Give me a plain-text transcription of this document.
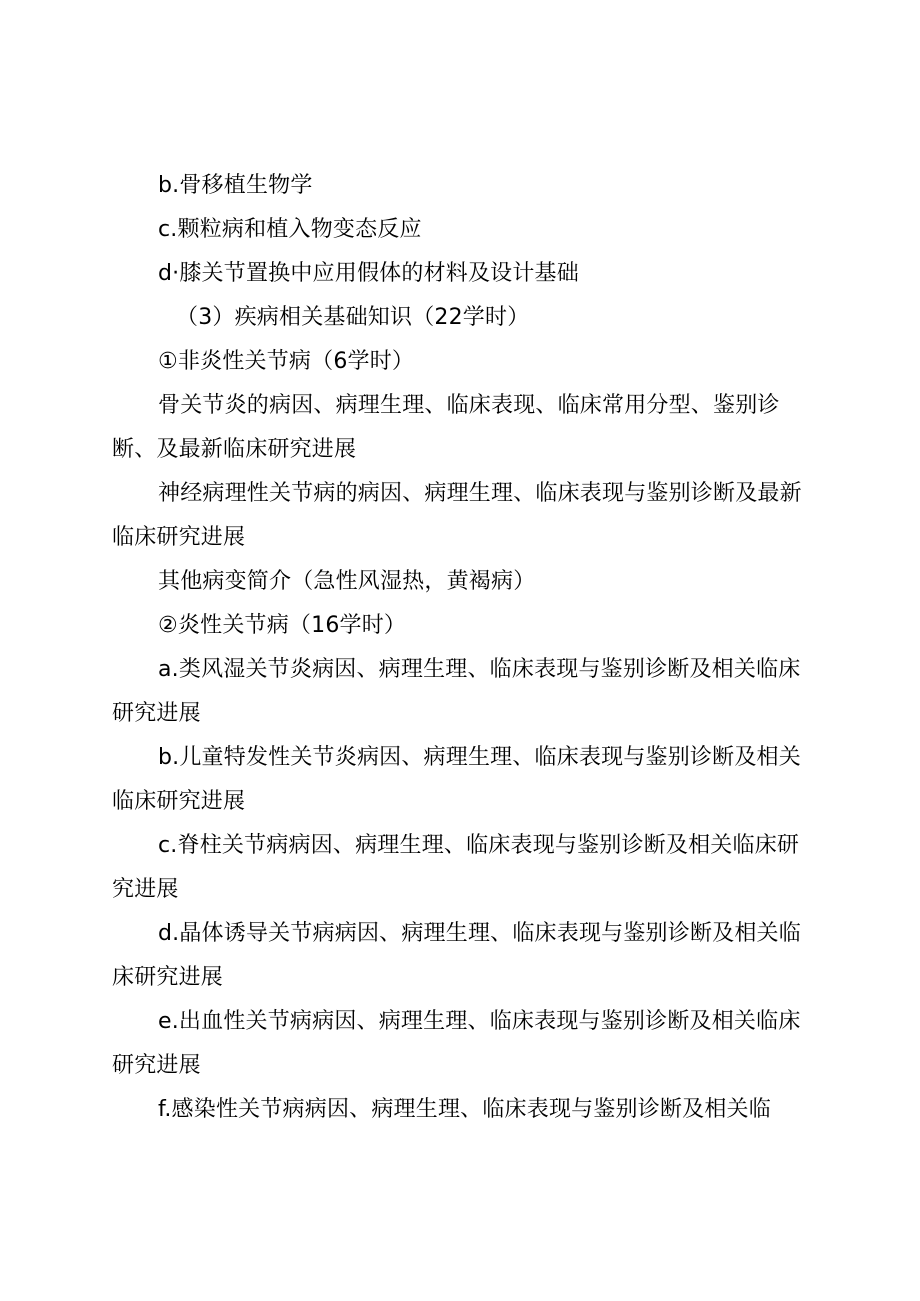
b.骨移植生物学

c.颗粒病和植入物变态反应

d·膝关节置换中应用假体的材料及设计基础

（3）疾病相关基础知识（22学时）

①非炎性关节病（6学时）

骨关节炎的病因、病理生理、临床表现、临床常用分型、鉴别诊断、及最新临床研究进展

神经病理性关节病的病因、病理生理、临床表现与鉴别诊断及最新临床研究进展

其他病变简介（急性风湿热，黄褐病）

②炎性关节病（16学时）

a.类风湿关节炎病因、病理生理、临床表现与鉴别诊断及相关临床研究进展

b.儿童特发性关节炎病因、病理生理、临床表现与鉴别诊断及相关临床研究进展

c.脊柱关节病病因、病理生理、临床表现与鉴别诊断及相关临床研究进展

d.晶体诱导关节病病因、病理生理、临床表现与鉴别诊断及相关临床研究进展

e.出血性关节病病因、病理生理、临床表现与鉴别诊断及相关临床研究进展

f.感染性关节病病因、病理生理、临床表现与鉴别诊断及相关临
